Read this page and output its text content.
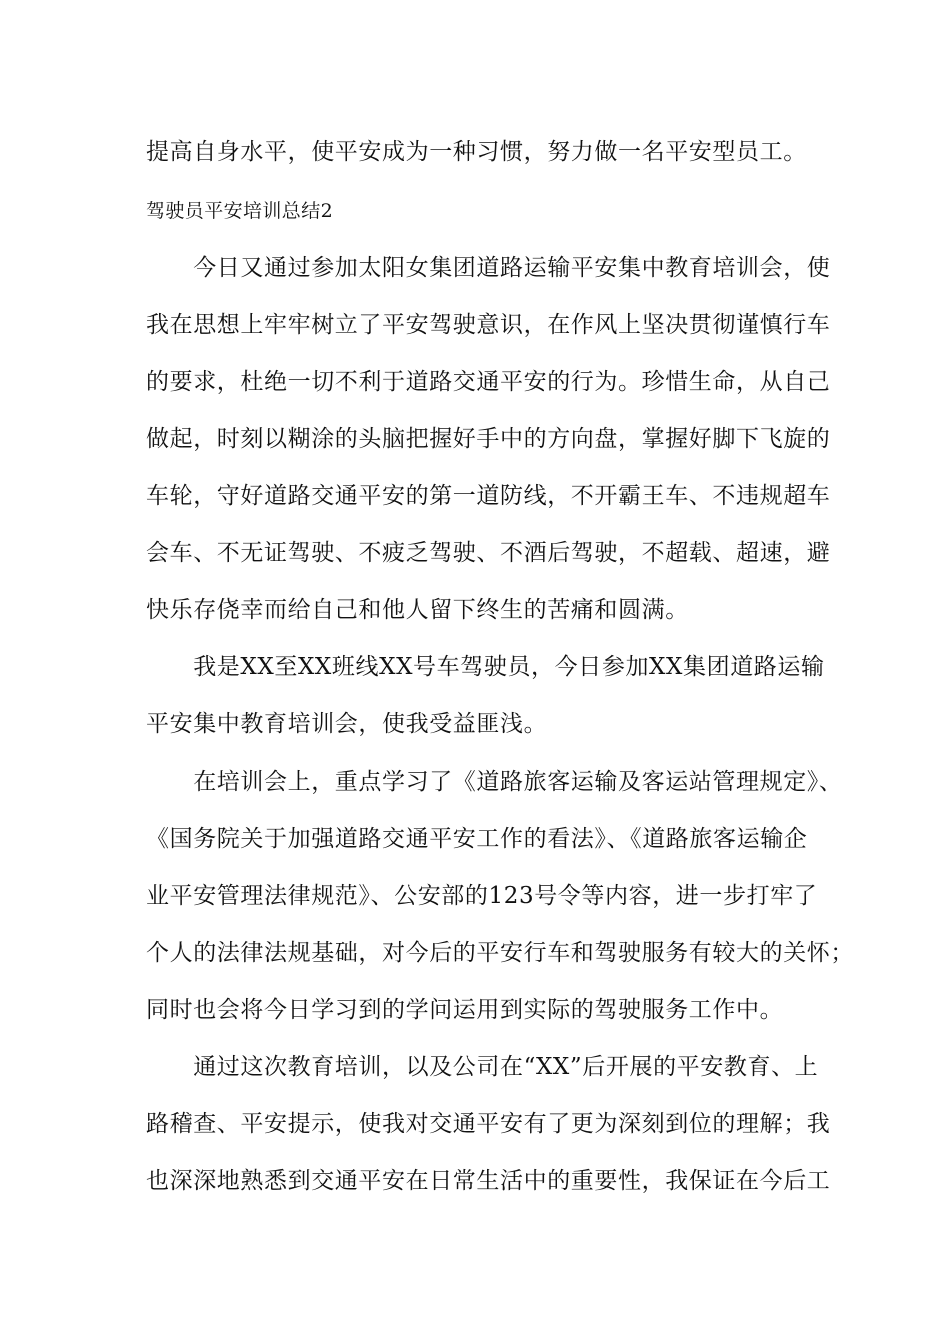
提高自身水平，使平安成为一种习惯，努力做一名平安型员工。
驾驶员平安培训总结2
　　今日又通过参加太阳女集团道路运输平安集中教育培训会，使
我在思想上牢牢树立了平安驾驶意识，在作风上坚决贯彻谨慎行车
的要求，杜绝一切不利于道路交通平安的行为。珍惜生命，从自己
做起，时刻以糊涂的头脑把握好手中的方向盘，掌握好脚下飞旋的
车轮，守好道路交通平安的第一道防线，不开霸王车、不违规超车
会车、不无证驾驶、不疲乏驾驶、不酒后驾驶，不超载、超速，避
快乐存侥幸而给自己和他人留下终生的苦痛和圆满。
　　我是XX至XX班线XX号车驾驶员，今日参加XX集团道路运输
平安集中教育培训会，使我受益匪浅。
　　在培训会上，重点学习了《道路旅客运输及客运站管理规定》、
《国务院关于加强道路交通平安工作的看法》、《道路旅客运输企
业平安管理法律规范》、公安部的123号令等内容，进一步打牢了
个人的法律法规基础，对今后的平安行车和驾驶服务有较大的关怀；
同时也会将今日学习到的学问运用到实际的驾驶服务工作中。
　　通过这次教育培训，以及公司在“XX”后开展的平安教育、上
路稽查、平安提示，使我对交通平安有了更为深刻到位的理解；我
也深深地熟悉到交通平安在日常生活中的重要性，我保证在今后工
